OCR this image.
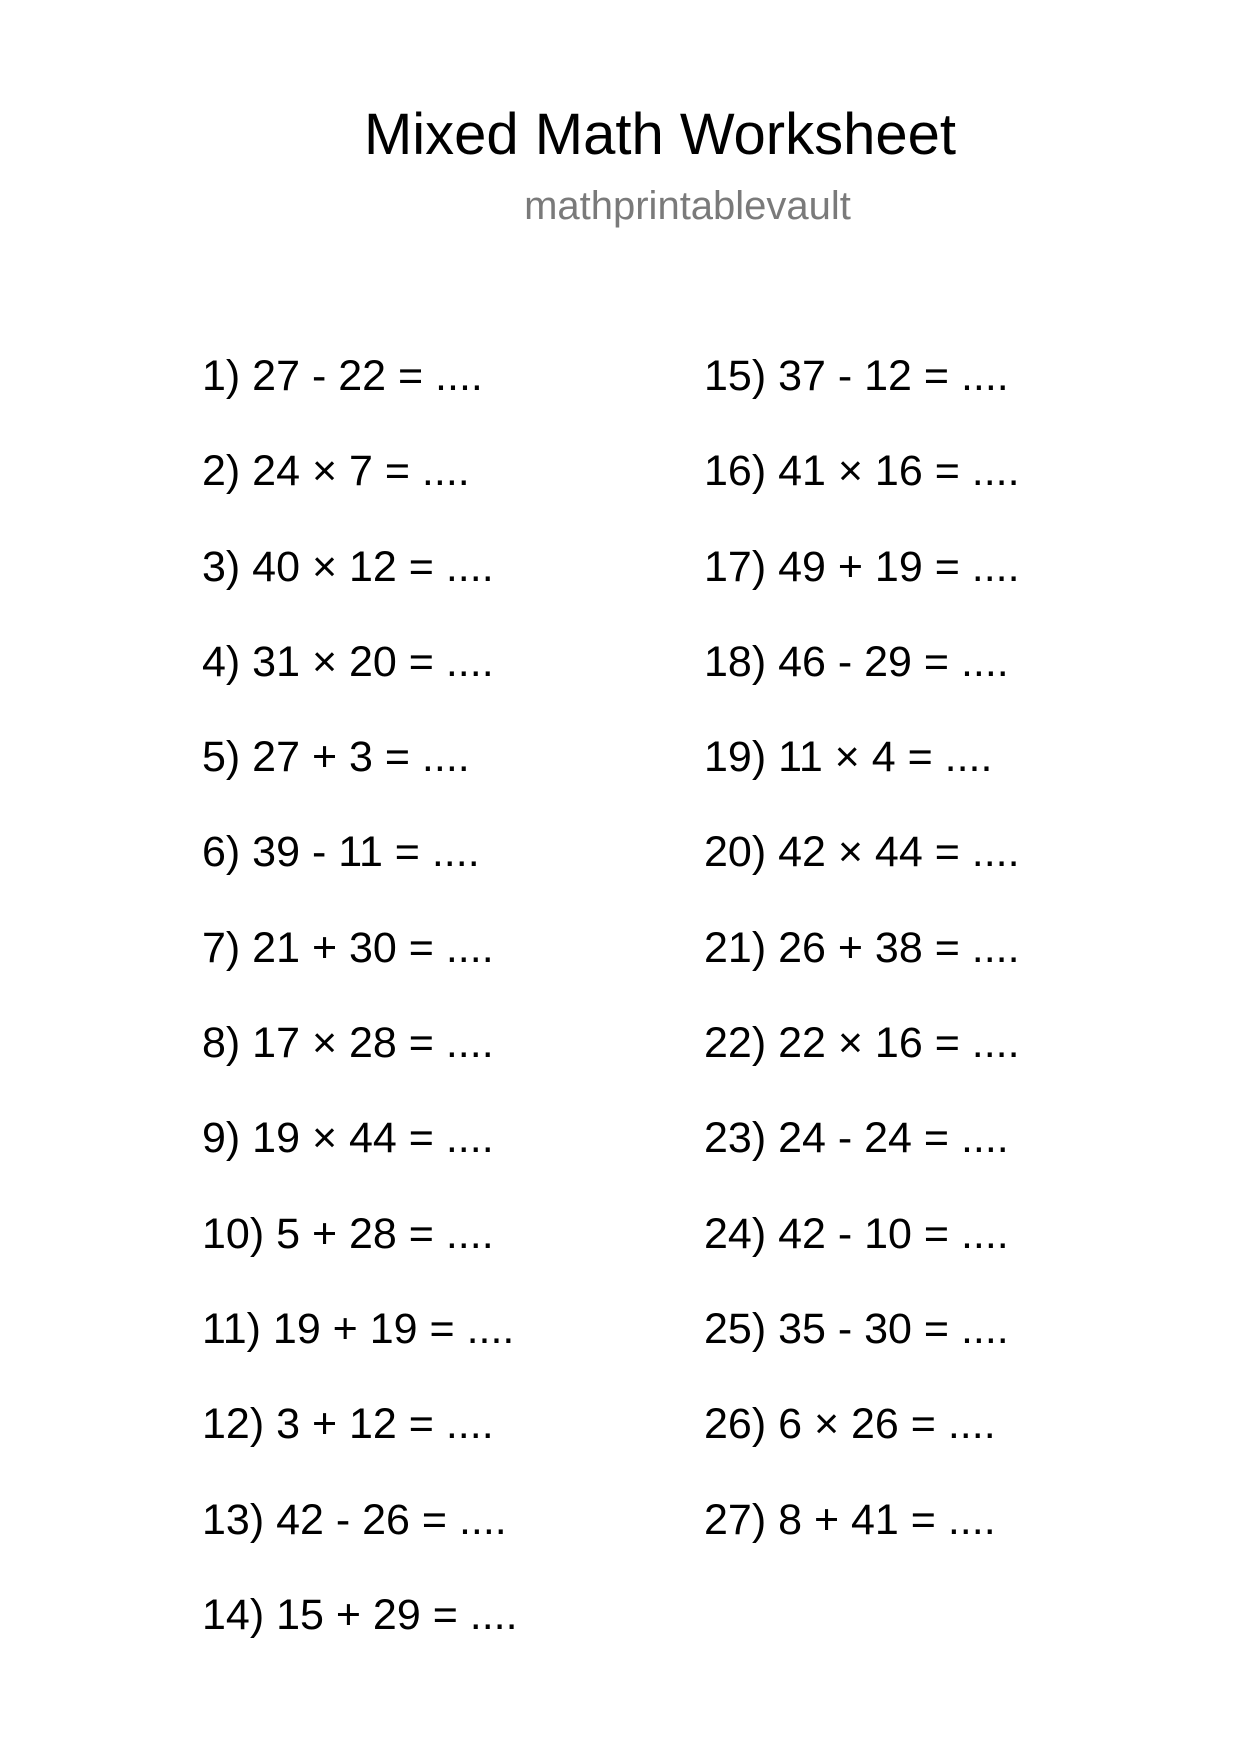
Mixed Math Worksheet
mathprintablevault
1) 27 - 22 = ....
2) 24 × 7 = ....
3) 40 × 12 = ....
4) 31 × 20 = ....
5) 27 + 3 = ....
6) 39 - 11 = ....
7) 21 + 30 = ....
8) 17 × 28 = ....
9) 19 × 44 = ....
10) 5 + 28 = ....
11) 19 + 19 = ....
12) 3 + 12 = ....
13) 42 - 26 = ....
14) 15 + 29 = ....
15) 37 - 12 = ....
16) 41 × 16 = ....
17) 49 + 19 = ....
18) 46 - 29 = ....
19) 11 × 4 = ....
20) 42 × 44 = ....
21) 26 + 38 = ....
22) 22 × 16 = ....
23) 24 - 24 = ....
24) 42 - 10 = ....
25) 35 - 30 = ....
26) 6 × 26 = ....
27) 8 + 41 = ....
